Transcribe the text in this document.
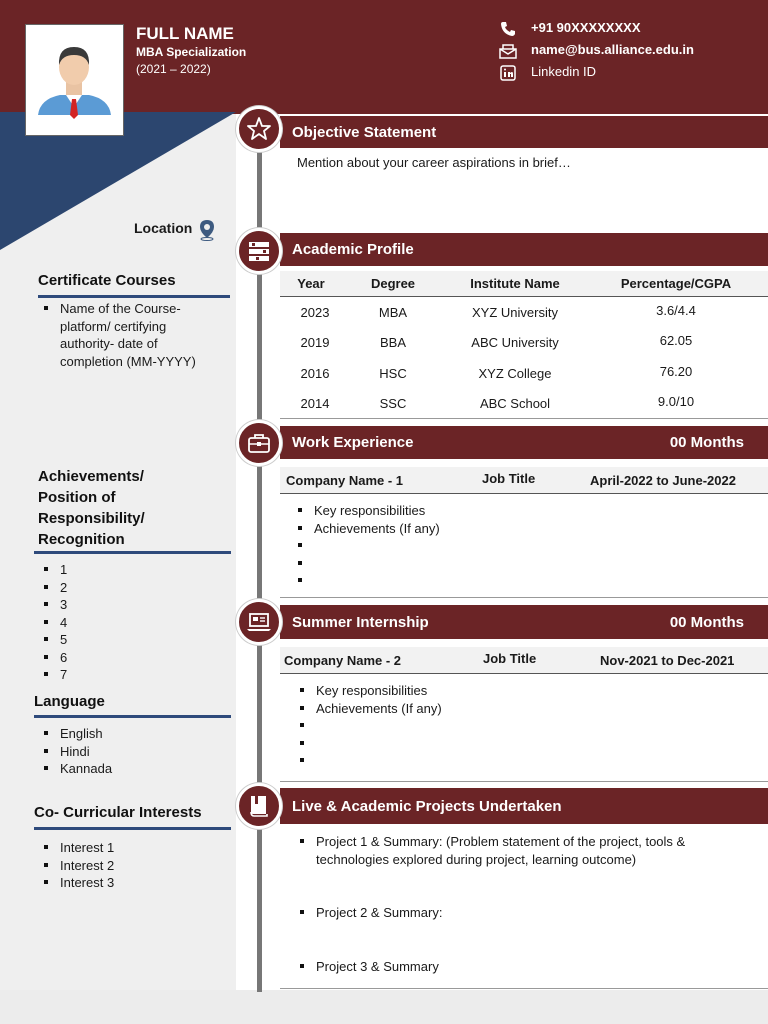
FULL NAME
MBA Specialization
(2021 – 2022)
+91 90XXXXXXXX
name@bus.alliance.edu.in
Linkedin ID
Location
Certificate Courses
Name of the Course-platform/ certifying authority- date of completion (MM-YYYY)
Achievements/
Position of
Responsibility/
Recognition
1
2
3
4
5
6
7
Language
English
Hindi
Kannada
Co- Curricular Interests
Interest 1
Interest 2
Interest 3
Objective Statement
Mention about your career aspirations in brief…
Academic Profile
Year	Degree	Institute Name	Percentage/CGPA
2023	MBA	XYZ University	3.6/4.4
2019	BBA	ABC University	62.05
2016	HSC	XYZ College	76.20
2014	SSC	ABC School	9.0/10
Work Experience	00 Months
Company Name - 1	Job Title	April-2022 to June-2022
Key responsibilities
Achievements (If any)

Summer Internship	00 Months
Company Name - 2	Job Title	Nov-2021 to Dec-2021
Key responsibilities
Achievements (If any)

Live & Academic Projects Undertaken
Project 1 & Summary: (Problem statement of the project, tools & technologies explored during project, learning outcome)
Project 2 & Summary:
Project 3 & Summary
